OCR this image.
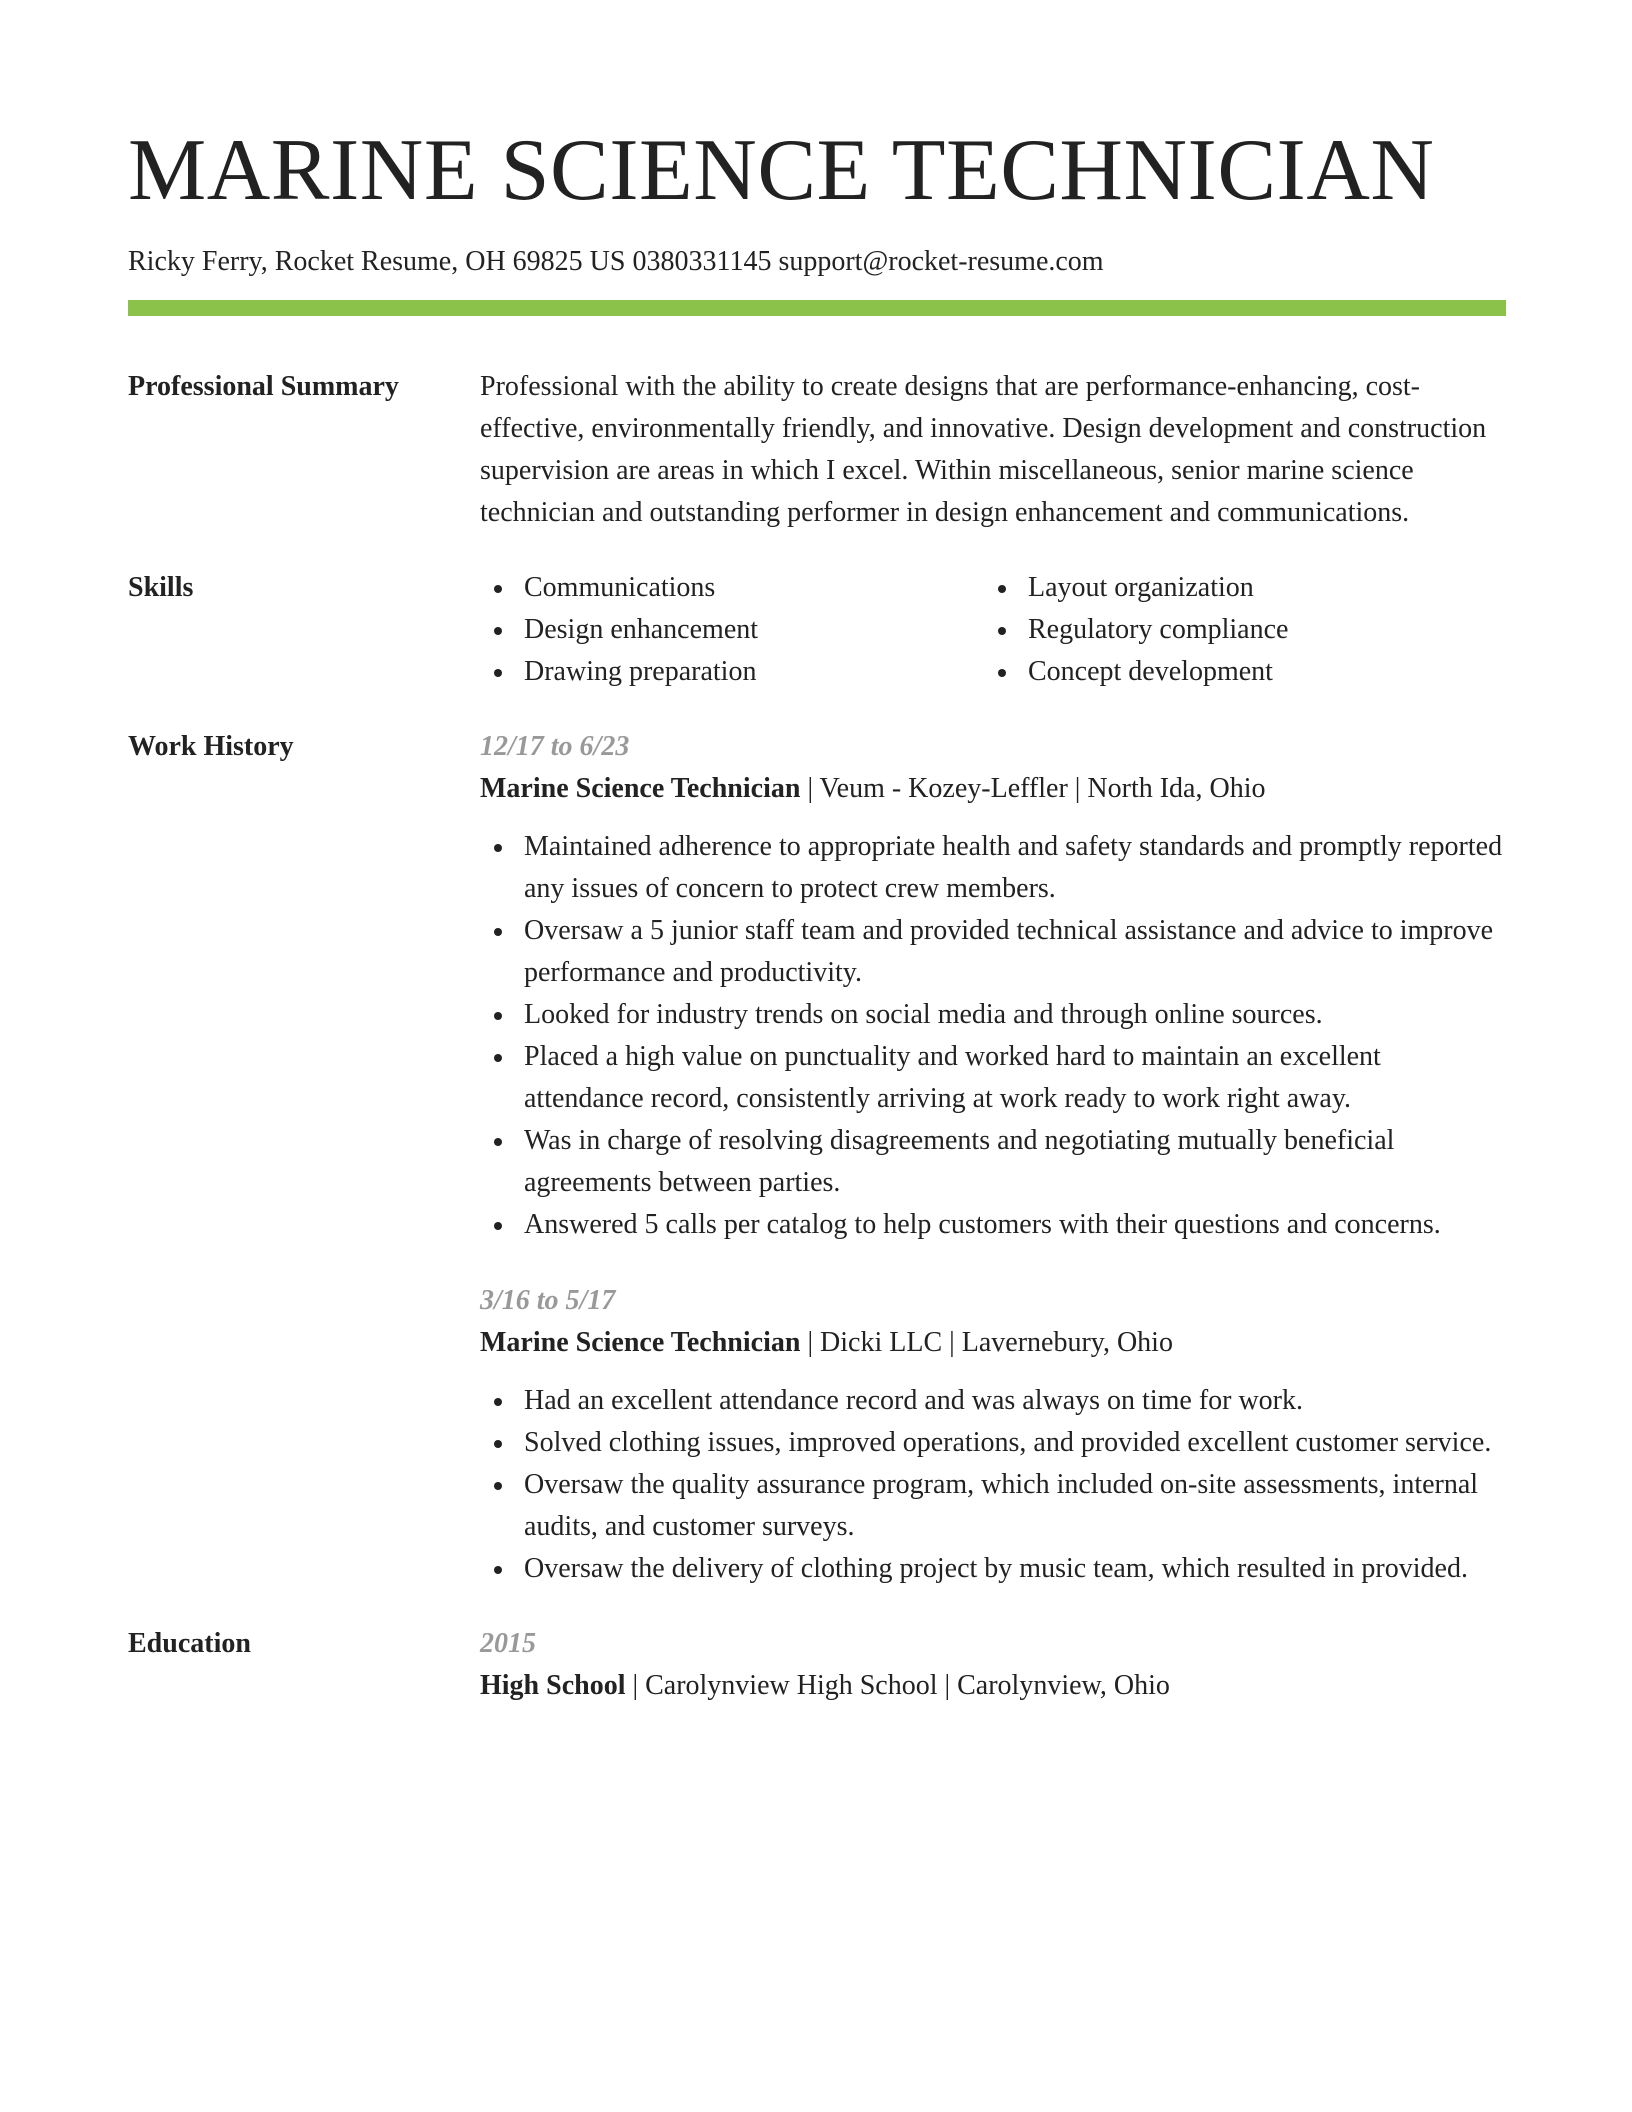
MARINE SCIENCE TECHNICIAN
Ricky Ferry, Rocket Resume, OH 69825 US 0380331145 support@rocket-resume.com
Professional Summary	Professional with the ability to create designs that are performance-enhancing, cost-effective, environmentally friendly, and innovative. Design development and construction supervision are areas in which I excel. Within miscellaneous, senior marine science technician and outstanding performer in design enhancement and communications.

Skills	Communications
Design enhancement
Drawing preparation
Layout organization
Regulatory compliance
Concept development
Work History	12/17 to 6/23
Marine Science Technician | Veum - Kozey-Leffler | North Ida, Ohio
Maintained adherence to appropriate health and safety standards and promptly reported any issues of concern to protect crew members.
Oversaw a 5 junior staff team and provided technical assistance and advice to improve performance and productivity.
Looked for industry trends on social media and through online sources.
Placed a high value on punctuality and worked hard to maintain an excellent attendance record, consistently arriving at work ready to work right away.
Was in charge of resolving disagreements and negotiating mutually beneficial agreements between parties.
Answered 5 calls per catalog to help customers with their questions and concerns.
3/16 to 5/17
Marine Science Technician | Dicki LLC | Lavernebury, Ohio
Had an excellent attendance record and was always on time for work.
Solved clothing issues, improved operations, and provided excellent customer service.
Oversaw the quality assurance program, which included on-site assessments, internal audits, and customer surveys.
Oversaw the delivery of clothing project by music team, which resulted in provided.
Education	2015
High School | Carolynview High School | Carolynview, Ohio
